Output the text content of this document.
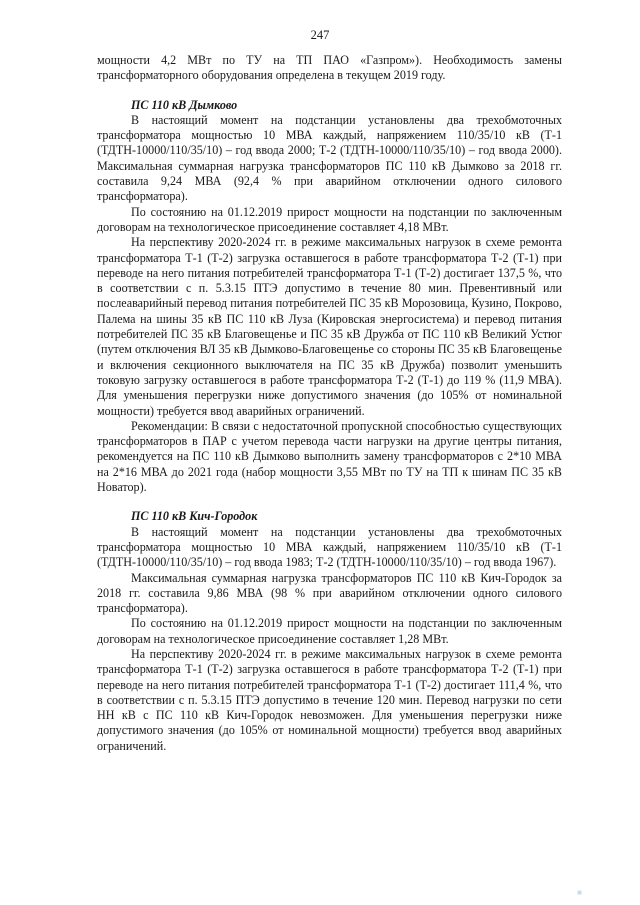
247

мощности 4,2 МВт по ТУ на ТП ПАО «Газпром»). Необходимость замены трансформаторного оборудования определена в текущем 2019 году.

ПС 110 кВ Дымково

В настоящий момент на подстанции установлены два трехобмоточных трансформатора мощностью 10 МВА каждый, напряжением 110/35/10 кВ (Т-1 (ТДТН-10000/110/35/10) – год ввода 2000; Т-2 (ТДТН-10000/110/35/10) – год ввода 2000). Максимальная суммарная нагрузка трансформаторов ПС 110 кВ Дымково за 2018 гг. составила 9,24 МВА (92,4 % при аварийном отключении одного силового трансформатора).

По состоянию на 01.12.2019 прирост мощности на подстанции по заключенным договорам на технологическое присоединение составляет 4,18 МВт.

На перспективу 2020-2024 гг. в режиме максимальных нагрузок в схеме ремонта трансформатора Т-1 (Т-2) загрузка оставшегося в работе трансформатора Т-2 (Т-1) при переводе на него питания потребителей трансформатора Т-1 (Т-2) достигает 137,5 %, что в соответствии с п. 5.3.15 ПТЭ допустимо в течение 80 мин. Превентивный или послеаварийный перевод питания потребителей ПС 35 кВ Морозовица, Кузино, Покрово, Палема на шины 35 кВ ПС 110 кВ Луза (Кировская энергосистема) и перевод питания потребителей ПС 35 кВ Благовещенье и ПС 35 кВ Дружба от ПС 110 кВ Великий Устюг (путем отключения ВЛ 35 кВ Дымково-Благовещенье со стороны ПС 35 кВ Благовещенье и включения секционного выключателя на ПС 35 кВ Дружба) позволит уменьшить токовую загрузку оставшегося в работе трансформатора Т-2 (Т-1) до 119 % (11,9 МВА). Для уменьшения перегрузки ниже допустимого значения (до 105% от номинальной мощности) требуется ввод аварийных ограничений.

Рекомендации: В связи с недостаточной пропускной способностью существующих трансформаторов в ПАР с учетом перевода части нагрузки на другие центры питания, рекомендуется на ПС 110 кВ Дымково выполнить замену трансформаторов с 2*10 МВА на 2*16 МВА до 2021 года (набор мощности 3,55 МВт по ТУ на ТП к шинам ПС 35 кВ Новатор).

ПС 110 кВ Кич-Городок

В настоящий момент на подстанции установлены два трехобмоточных трансформатора мощностью 10 МВА каждый, напряжением 110/35/10 кВ (Т-1 (ТДТН-10000/110/35/10) – год ввода 1983; Т-2 (ТДТН-10000/110/35/10) – год ввода 1967).

Максимальная суммарная нагрузка трансформаторов ПС 110 кВ Кич-Городок за 2018 гг. составила 9,86 МВА (98 % при аварийном отключении одного силового трансформатора).

По состоянию на 01.12.2019 прирост мощности на подстанции по заключенным договорам на технологическое присоединение составляет 1,28 МВт.

На перспективу 2020-2024 гг. в режиме максимальных нагрузок в схеме ремонта трансформатора Т-1 (Т-2) загрузка оставшегося в работе трансформатора Т-2 (Т-1) при переводе на него питания потребителей трансформатора Т-1 (Т-2) достигает 111,4 %, что в соответствии с п. 5.3.15 ПТЭ допустимо в течение 120 мин. Перевод нагрузки по сети НН кВ с ПС 110 кВ Кич-Городок невозможен. Для уменьшения перегрузки ниже допустимого значения (до 105% от номинальной мощности) требуется ввод аварийных ограничений.

■
